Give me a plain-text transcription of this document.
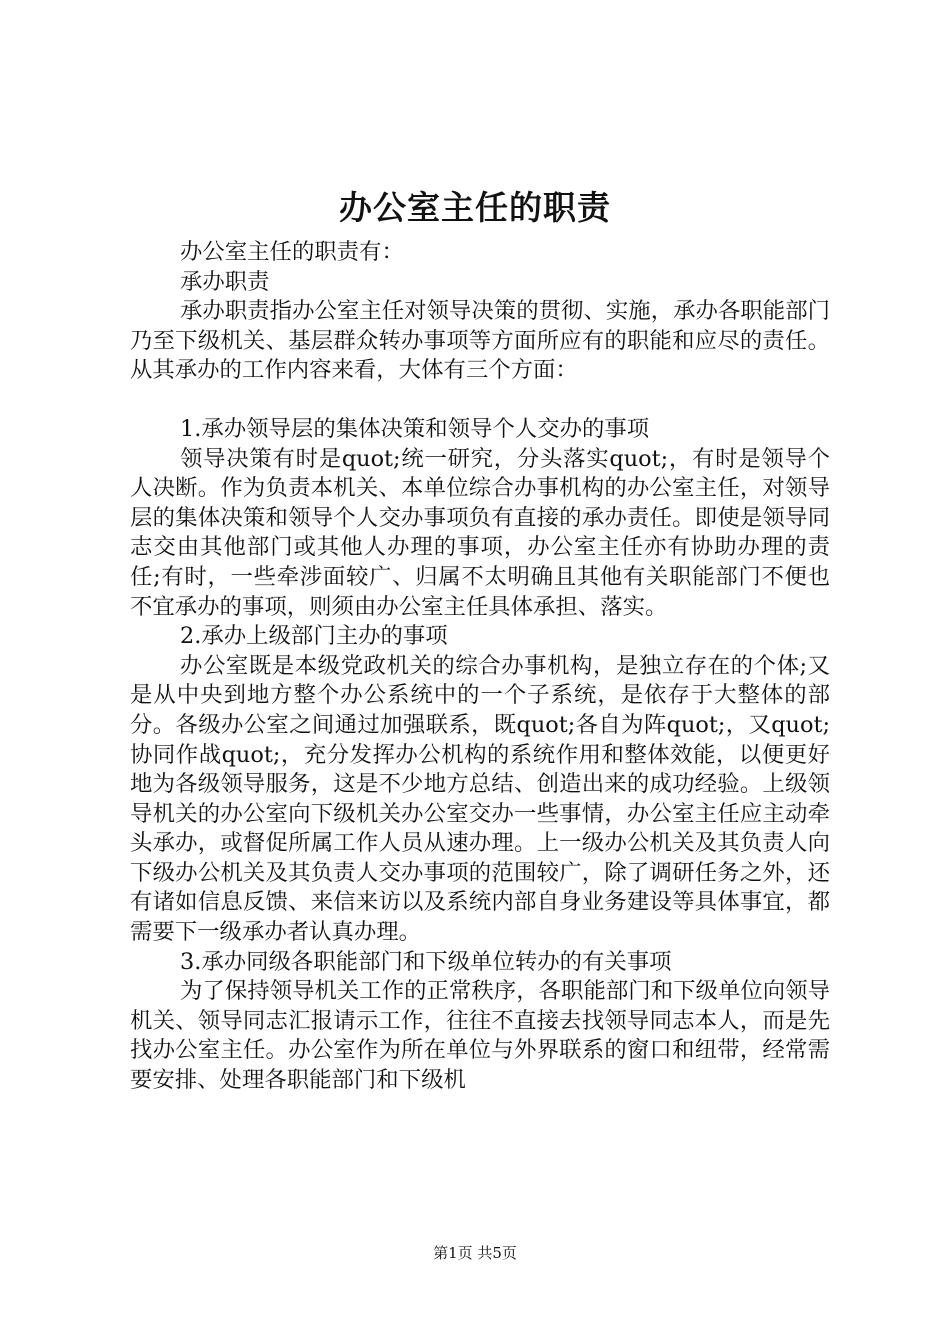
办公室主任的职责

办公室主任的职责有：

承办职责

承办职责指办公室主任对领导决策的贯彻、实施，承办各职能部门乃至下级机关、基层群众转办事项等方面所应有的职能和应尽的责任。从其承办的工作内容来看，大体有三个方面：

1.承办领导层的集体决策和领导个人交办的事项

领导决策有时是quot;统一研究，分头落实quot;，有时是领导个人决断。作为负责本机关、本单位综合办事机构的办公室主任，对领导层的集体决策和领导个人交办事项负有直接的承办责任。即使是领导同志交由其他部门或其他人办理的事项，办公室主任亦有协助办理的责任;有时，一些牵涉面较广、归属不太明确且其他有关职能部门不便也不宜承办的事项，则须由办公室主任具体承担、落实。

2.承办上级部门主办的事项

办公室既是本级党政机关的综合办事机构，是独立存在的个体;又是从中央到地方整个办公系统中的一个子系统，是依存于大整体的部分。各级办公室之间通过加强联系，既quot;各自为阵quot;，又quot;协同作战quot;，充分发挥办公机构的系统作用和整体效能，以便更好地为各级领导服务，这是不少地方总结、创造出来的成功经验。上级领导机关的办公室向下级机关办公室交办一些事情，办公室主任应主动牵头承办，或督促所属工作人员从速办理。上一级办公机关及其负责人向下级办公机关及其负责人交办事项的范围较广，除了调研任务之外，还有诸如信息反馈、来信来访以及系统内部自身业务建设等具体事宜，都需要下一级承办者认真办理。

3.承办同级各职能部门和下级单位转办的有关事项

为了保持领导机关工作的正常秩序，各职能部门和下级单位向领导机关、领导同志汇报请示工作，往往不直接去找领导同志本人，而是先找办公室主任。办公室作为所在单位与外界联系的窗口和纽带，经常需要安排、处理各职能部门和下级机

第1页 共5页
